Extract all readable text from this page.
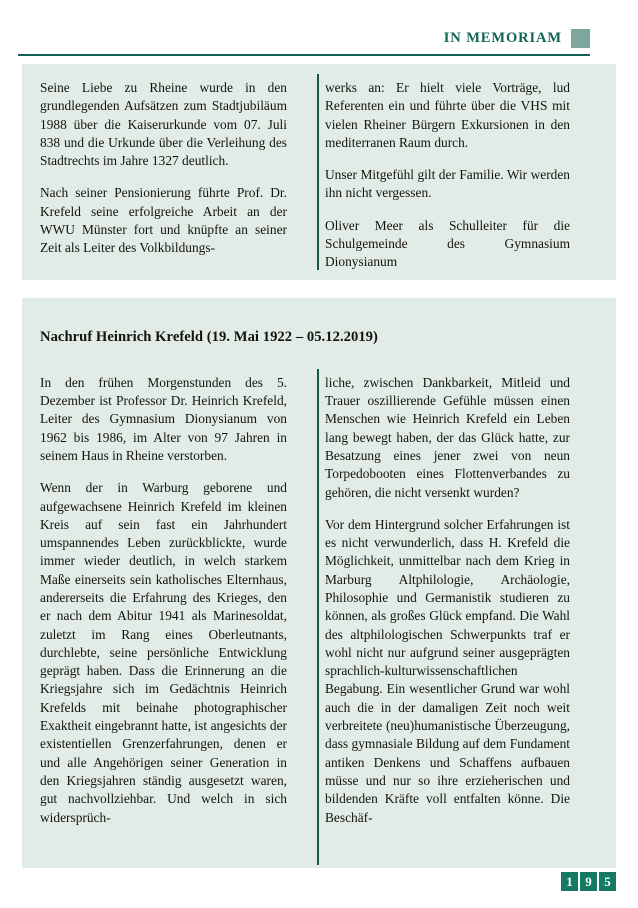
IN MEMORIAM

Seine Liebe zu Rheine wurde in den grundlegenden Aufsätzen zum Stadtjubiläum 1988 über die Kaiserurkunde vom 07. Juli 838 und die Urkunde über die Verleihung des Stadtrechts im Jahre 1327 deutlich.

Nach seiner Pensionierung führte Prof. Dr. Krefeld seine erfolgreiche Arbeit an der WWU Münster fort und knüpfte an seiner Zeit als Leiter des Volkbildungs-

werks an: Er hielt viele Vorträge, lud Referenten ein und führte über die VHS mit vielen Rheiner Bürgern Exkursionen in den mediterranen Raum durch.

Unser Mitgefühl gilt der Familie. Wir werden ihn nicht vergessen.

Oliver Meer als Schulleiter für die Schulgemeinde des Gymnasium Dionysianum

Nachruf Heinrich Krefeld (19. Mai 1922 – 05.12.2019)

In den frühen Morgenstunden des 5. Dezember ist Professor Dr. Heinrich Krefeld, Leiter des Gymnasium Dionysianum von 1962 bis 1986, im Alter von 97 Jahren in seinem Haus in Rheine verstorben.

Wenn der in Warburg geborene und aufgewachsene Heinrich Krefeld im kleinen Kreis auf sein fast ein Jahrhundert umspannendes Leben zurückblickte, wurde immer wieder deutlich, in welch starkem Maße einerseits sein katholisches Elternhaus, andererseits die Erfahrung des Krieges, den er nach dem Abitur 1941 als Marinesoldat, zuletzt im Rang eines Oberleutnants, durchlebte, seine persönliche Entwicklung geprägt haben. Dass die Erinnerung an die Kriegsjahre sich im Gedächtnis Heinrich Krefelds mit beinahe photographischer Exaktheit eingebrannt hatte, ist angesichts der existentiellen Grenzerfahrungen, denen er und alle Angehörigen seiner Generation in den Kriegsjahren ständig ausgesetzt waren, gut nachvollziehbar. Und welch in sich widersprüch-

liche, zwischen Dankbarkeit, Mitleid und Trauer oszillierende Gefühle müssen einen Menschen wie Heinrich Krefeld ein Leben lang bewegt haben, der das Glück hatte, zur Besatzung eines jener zwei von neun Torpedobooten eines Flottenverbandes zu gehören, die nicht versenkt wurden?

Vor dem Hintergrund solcher Erfahrungen ist es nicht verwunderlich, dass H. Krefeld die Möglichkeit, unmittelbar nach dem Krieg in Marburg Altphilologie, Archäologie, Philosophie und Germanistik studieren zu können, als großes Glück empfand. Die Wahl des altphilologischen Schwerpunkts traf er wohl nicht nur aufgrund seiner ausgeprägten sprachlich-kulturwissenschaftlichen Begabung. Ein wesentlicher Grund war wohl auch die in der damaligen Zeit noch weit verbreitete (neu)humanistische Überzeugung, dass gymnasiale Bildung auf dem Fundament antiken Denkens und Schaffens aufbauen müsse und nur so ihre erzieherischen und bildenden Kräfte voll entfalten könne. Die Beschäf-

1 9 5
